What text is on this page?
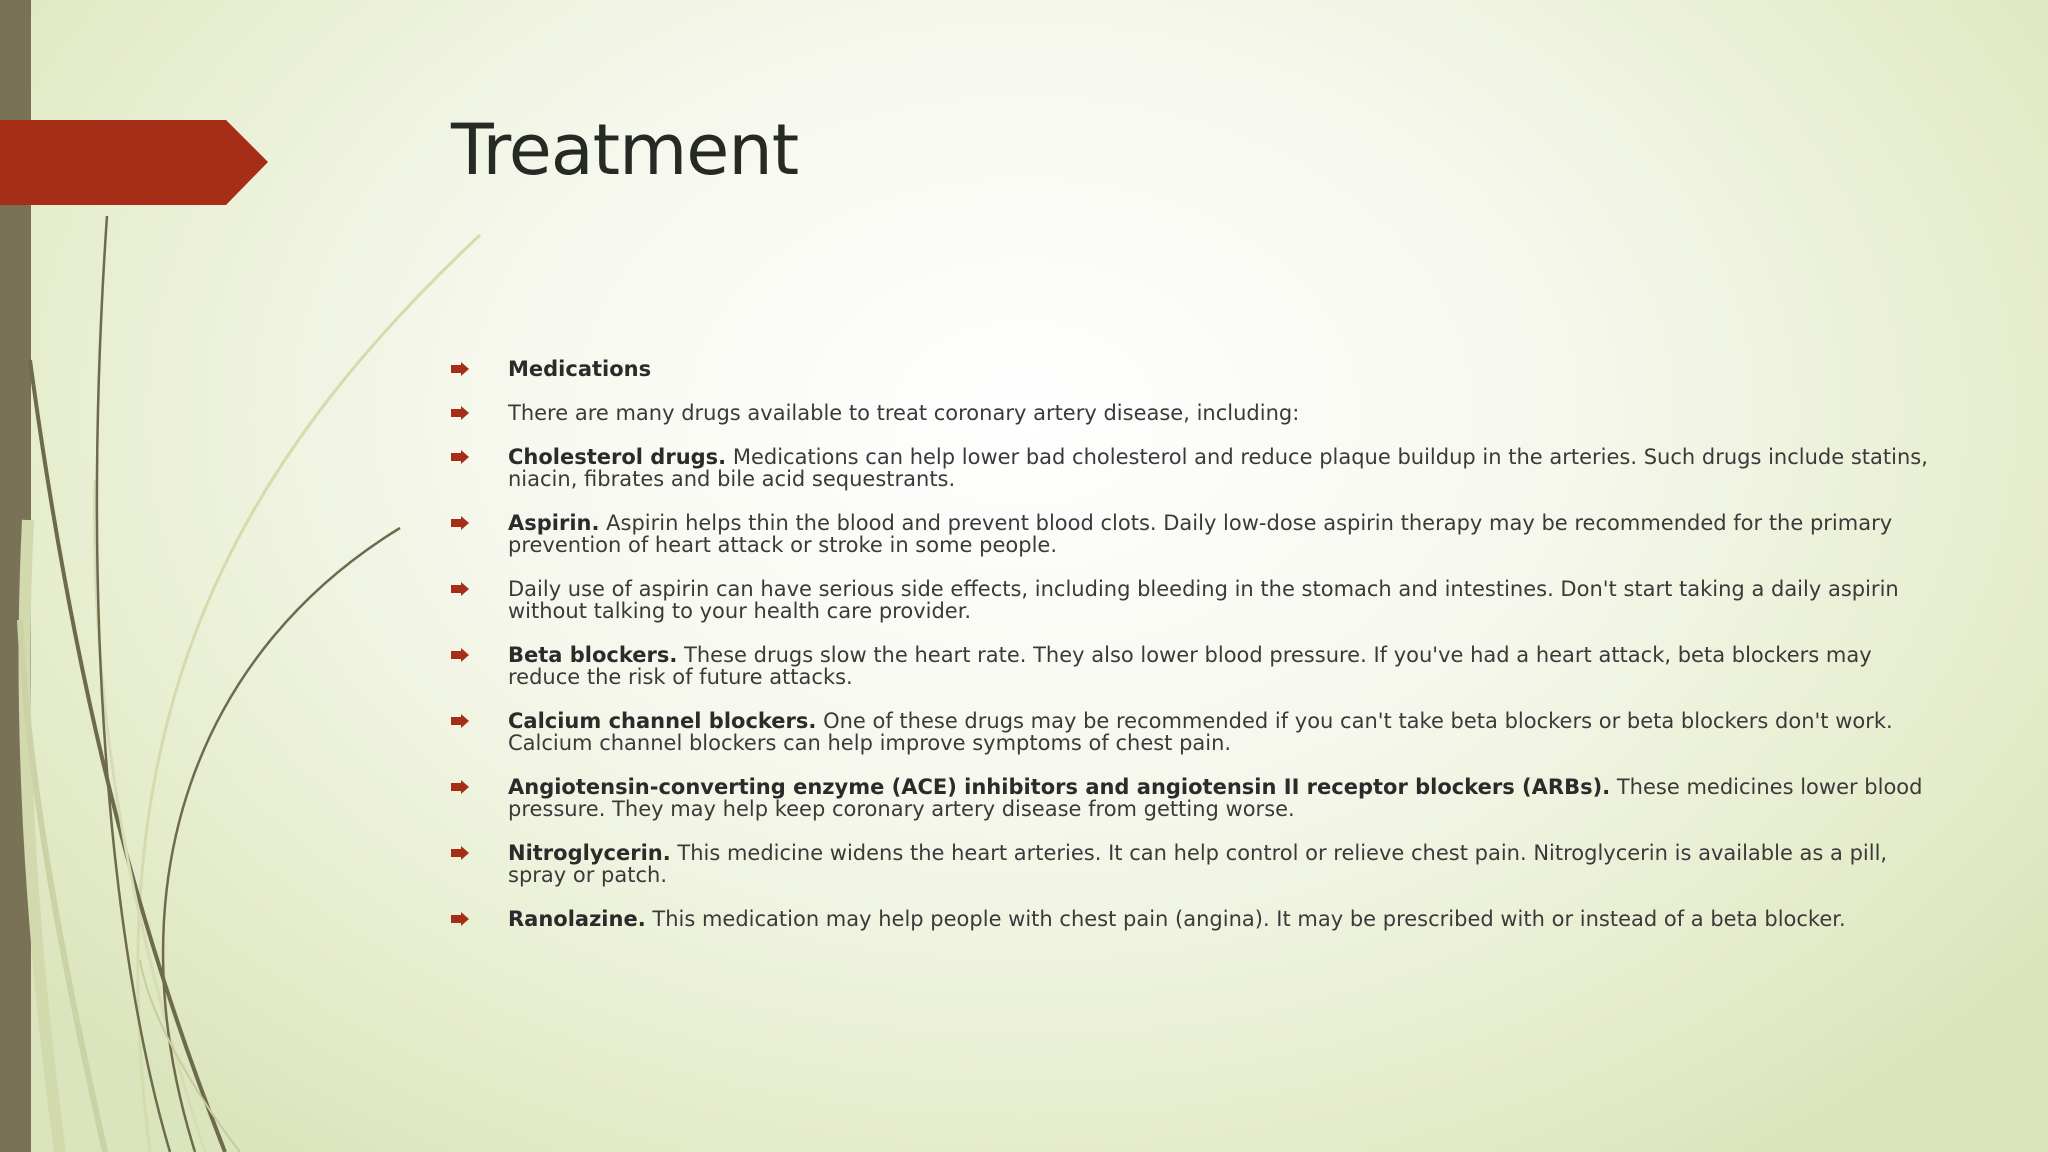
Treatment
Medications
There are many drugs available to treat coronary artery disease, including:
Cholesterol drugs. Medications can help lower bad cholesterol and reduce plaque buildup in the arteries. Such drugs include statins, niacin, fibrates and bile acid sequestrants.
Aspirin. Aspirin helps thin the blood and prevent blood clots. Daily low-dose aspirin therapy may be recommended for the primary prevention of heart attack or stroke in some people.
Daily use of aspirin can have serious side effects, including bleeding in the stomach and intestines. Don't start taking a daily aspirin without talking to your health care provider.
Beta blockers. These drugs slow the heart rate. They also lower blood pressure. If you've had a heart attack, beta blockers may reduce the risk of future attacks.
Calcium channel blockers. One of these drugs may be recommended if you can't take beta blockers or beta blockers don't work. Calcium channel blockers can help improve symptoms of chest pain.
Angiotensin-converting enzyme (ACE) inhibitors and angiotensin II receptor blockers (ARBs). These medicines lower blood pressure. They may help keep coronary artery disease from getting worse.
Nitroglycerin. This medicine widens the heart arteries. It can help control or relieve chest pain. Nitroglycerin is available as a pill, spray or patch.
Ranolazine. This medication may help people with chest pain (angina). It may be prescribed with or instead of a beta blocker.
